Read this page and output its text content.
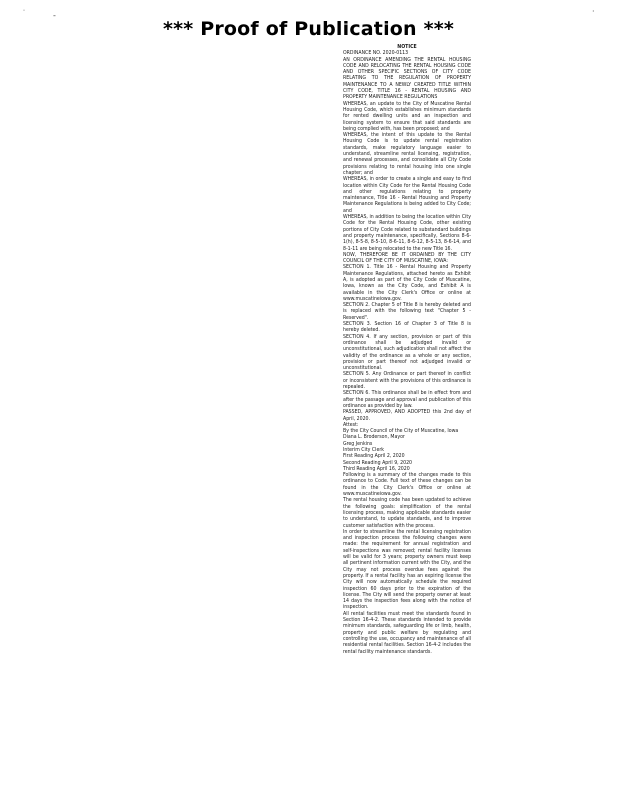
˙	-	·
*** Proof of Publication ***

NOTICE

ORDINANCE NO. 2020-0113

AN ORDINANCE AMENDING THE RENTAL HOUSING CODE AND RELOCATING THE RENTAL HOUSING CODE AND OTHER SPECIFIC SECTIONS OF CITY CODE RELATING TO THE REGULATION OF PROPERTY MAINTENANCE TO A NEWLY CREATED TITLE WITHIN CITY CODE, TITLE 16 - RENTAL HOUSING AND PROPERTY MAINTENANCE REGULATIONS

WHEREAS, an update to the City of Muscatine Rental Housing Code, which establishes minimum standards for rented dwelling units and an inspection and licensing system to ensure that said standards are being complied with, has been proposed; and

WHEREAS, the intent of this update to the Rental Housing Code is to update rental registration standards, make regulatory language easier to understand, streamline rental licensing, registration, and renewal processes, and consolidate all City Code provisions relating to rental housing into one single chapter; and

WHEREAS, in order to create a single and easy to find location within City Code for the Rental Housing Code and other regulations relating to property maintenance, Title 16 - Rental Housing and Property Maintenance Regulations is being added to City Code; and

WHEREAS, in addition to being the location within City Code for the Rental Housing Code, other existing portions of City Code related to substandard buildings and property maintenance, specifically, Sections 8-6-1(h), 8-5-8, 8-5-10, 8-6-11, 8-6-12, 8-5-13, 8-6-14, and 8-1-11 are being relocated to the new Title 16.

NOW, THEREFORE BE IT ORDAINED BY THE CITY COUNCIL OF THE CITY OF MUSCATINE, IOWA:

SECTION 1. Title 16 - Rental Housing and Property Maintenance Regulations, attached hereto as Exhibit A, is adopted as part of the City Code of Muscatine, Iowa, known as the City Code, and Exhibit A is available in the City Clerk's Office or online at www.muscatineiowa.gov.

SECTION 2. Chapter 5 of Title 8 is hereby deleted and is replaced with the following text "Chapter 5 - Reserved".

SECTION 3. Section 16 of Chapter 3 of Title 8 is hereby deleted.

SECTION 4. If any section, provision or part of this ordinance shall be adjudged invalid or unconstitutional, such adjudication shall not affect the validity of the ordinance as a whole or any section, provision or part thereof not adjudged invalid or unconstitutional.

SECTION 5. Any Ordinance or part thereof in conflict or inconsistent with the provisions of this ordinance is repealed.

SECTION 6. This ordinance shall be in effect from and after the passage and approval and publication of this ordinance as provided by law.

PASSED, APPROVED, AND ADOPTED this 2nd day of April, 2020.

Attest:

By the City Council of the City of Muscatine, Iowa

Diana L. Broderson, Mayor

Greg Jenkins

Interim City Clerk

First Reading April 2, 2020

Second Reading April 9, 2020

Third Reading April 16, 2020

Following is a summary of the changes made to this ordinance to Code. Full text of these changes can be found in the City Clerk's Office or online at www.muscatineiowa.gov.

The rental housing code has been updated to achieve the following goals: simplification of the rental licensing process, making applicable standards easier to understand, to update standards, and to improve customer satisfaction with the process.

In order to streamline the rental licensing registration and inspection process the following changes were made: the requirement for annual registration and self-inspections was removed; rental facility licenses will be valid for 3 years; property owners must keep all pertinent information current with the City, and the City may not process overdue fees against the property. If a rental facility has an expiring license the City will now automatically schedule the required inspection 60 days prior to the expiration of the license. The City will send the property owner at least 14 days the inspection fees along with the notice of inspection.

All rental facilities must meet the standards found in Section 16-4-2. These standards intended to provide minimum standards, safeguarding life or limb, health, property and public welfare by regulating and controlling the use, occupancy and maintenance of all residential rental facilities. Section 16-4-2 includes the rental facility maintenance standards.
